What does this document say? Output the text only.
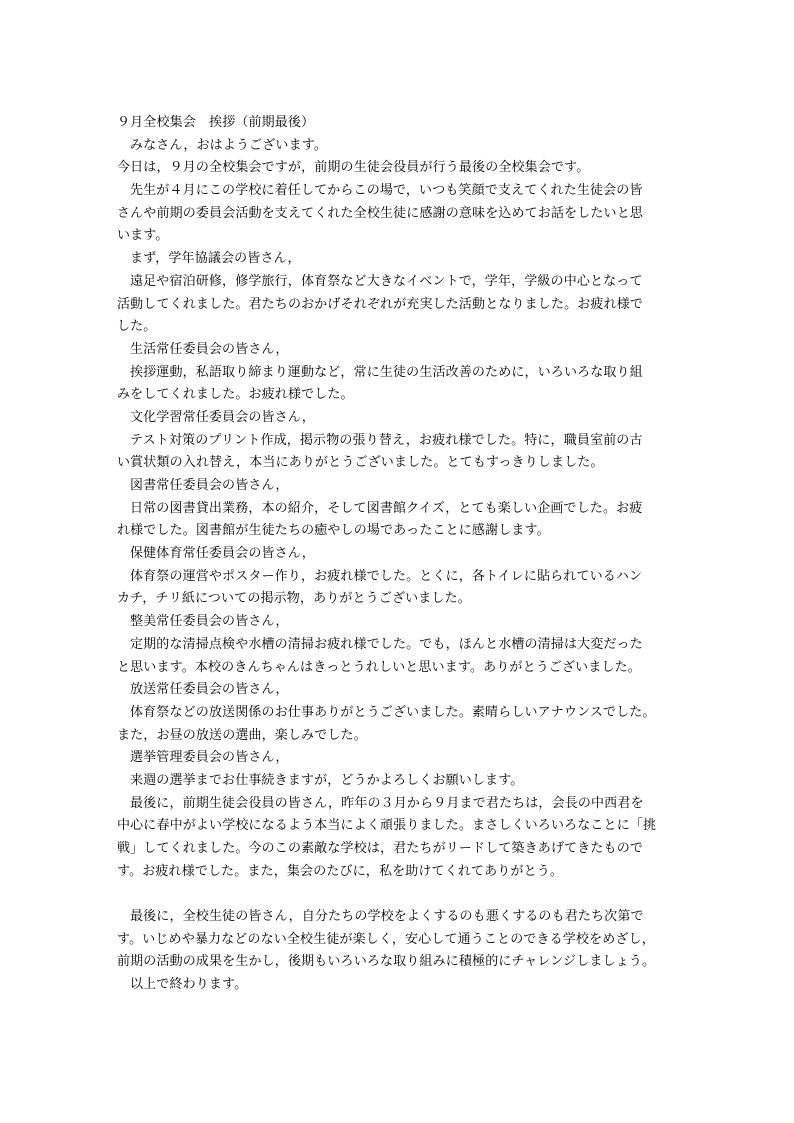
９月全校集会　挨拶（前期最後）
みなさん，おはようございます。
今日は，９月の全校集会ですが，前期の生徒会役員が行う最後の全校集会です。
先生が４月にこの学校に着任してからこの場で，いつも笑顔で支えてくれた生徒会の皆
さんや前期の委員会活動を支えてくれた全校生徒に感謝の意味を込めてお話をしたいと思
います。
まず，学年協議会の皆さん，
遠足や宿泊研修，修学旅行，体育祭など大きなイベントで，学年，学級の中心となって
活動してくれました。君たちのおかげそれぞれが充実した活動となりました。お疲れ様で
した。
生活常任委員会の皆さん，
挨拶運動，私語取り締まり運動など，常に生徒の生活改善のために，いろいろな取り組
みをしてくれました。お疲れ様でした。
文化学習常任委員会の皆さん，
テスト対策のプリント作成，掲示物の張り替え，お疲れ様でした。特に，職員室前の古
い賞状類の入れ替え，本当にありがとうございました。とてもすっきりしました。
図書常任委員会の皆さん，
日常の図書貸出業務，本の紹介，そして図書館クイズ，とても楽しい企画でした。お疲
れ様でした。図書館が生徒たちの癒やしの場であったことに感謝します。
保健体育常任委員会の皆さん，
体育祭の運営やポスター作り，お疲れ様でした。とくに，各トイレに貼られているハン
カチ，チリ紙についての掲示物，ありがとうございました。
整美常任委員会の皆さん，
定期的な清掃点検や水槽の清掃お疲れ様でした。でも，ほんと水槽の清掃は大変だった
と思います。本校のきんちゃんはきっとうれしいと思います。ありがとうございました。
放送常任委員会の皆さん，
体育祭などの放送関係のお仕事ありがとうございました。素晴らしいアナウンスでした。
また，お昼の放送の選曲，楽しみでした。
選挙管理委員会の皆さん，
来週の選挙までお仕事続きますが，どうかよろしくお願いします。
最後に，前期生徒会役員の皆さん，昨年の３月から９月まで君たちは，会長の中西君を
中心に春中がよい学校になるよう本当によく頑張りました。まさしくいろいろなことに「挑
戦」してくれました。今のこの素敵な学校は，君たちがリードして築きあげてきたもので
す。お疲れ様でした。また，集会のたびに，私を助けてくれてありがとう。
最後に，全校生徒の皆さん，自分たちの学校をよくするのも悪くするのも君たち次第で
す。いじめや暴力などのない全校生徒が楽しく，安心して通うことのできる学校をめざし，
前期の活動の成果を生かし，後期もいろいろな取り組みに積極的にチャレンジしましょう。
以上で終わります。
